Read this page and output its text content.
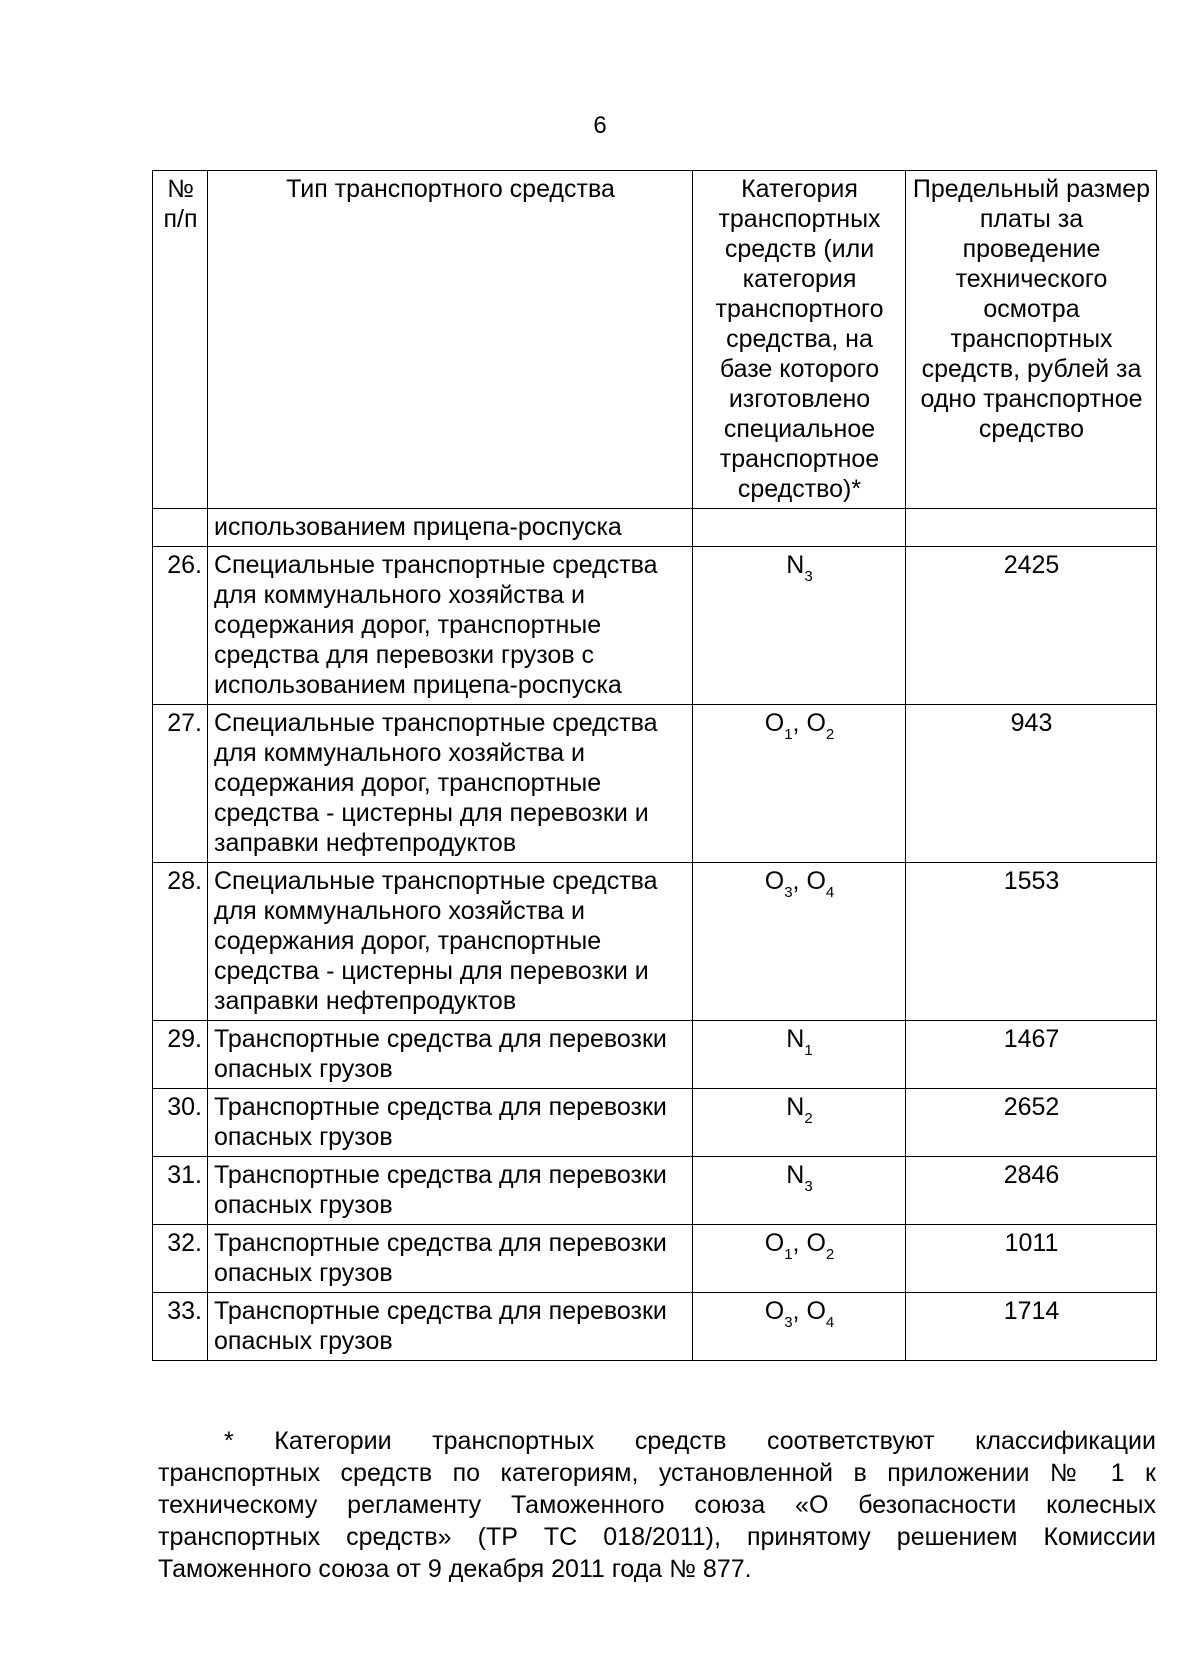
6
№ п/п	Тип транспортного средства	Категория транспортных средств (или категория транспортного средства, на базе которого изготовлено специальное транспортное средство)*	Предельный размер платы за проведение технического осмотра транспортных средств, рублей за одно транспортное средство
	использованием прицепа-роспуска		
26.	Специальные транспортные средства для коммунального хозяйства и содержания дорог, транспортные средства для перевозки грузов с использованием прицепа-роспуска	$N_3$	2425
27.	Специальные транспортные средства для коммунального хозяйства и содержания дорог, транспортные средства - цистерны для перевозки и заправки нефтепродуктов	$O_1$, $O_2$	943
28.	Специальные транспортные средства для коммунального хозяйства и содержания дорог, транспортные средства - цистерны для перевозки и заправки нефтепродуктов	$O_3$, $O_4$	1553
29.	Транспортные средства для перевозки опасных грузов	$N_1$	1467
30.	Транспортные средства для перевозки опасных грузов	$N_2$	2652
31.	Транспортные средства для перевозки опасных грузов	$N_3$	2846
32.	Транспортные средства для перевозки опасных грузов	$O_1$, $O_2$	1011
33.	Транспортные средства для перевозки опасных грузов	$O_3$, $O_4$	1714
* Категории транспортных средств соответствуют классификации транспортных средств по категориям, установленной в приложении № 1 к техническому регламенту Таможенного союза «О безопасности колесных транспортных средств» (ТР ТС 018/2011), принятому решением Комиссии Таможенного союза от 9 декабря 2011 года № 877.
